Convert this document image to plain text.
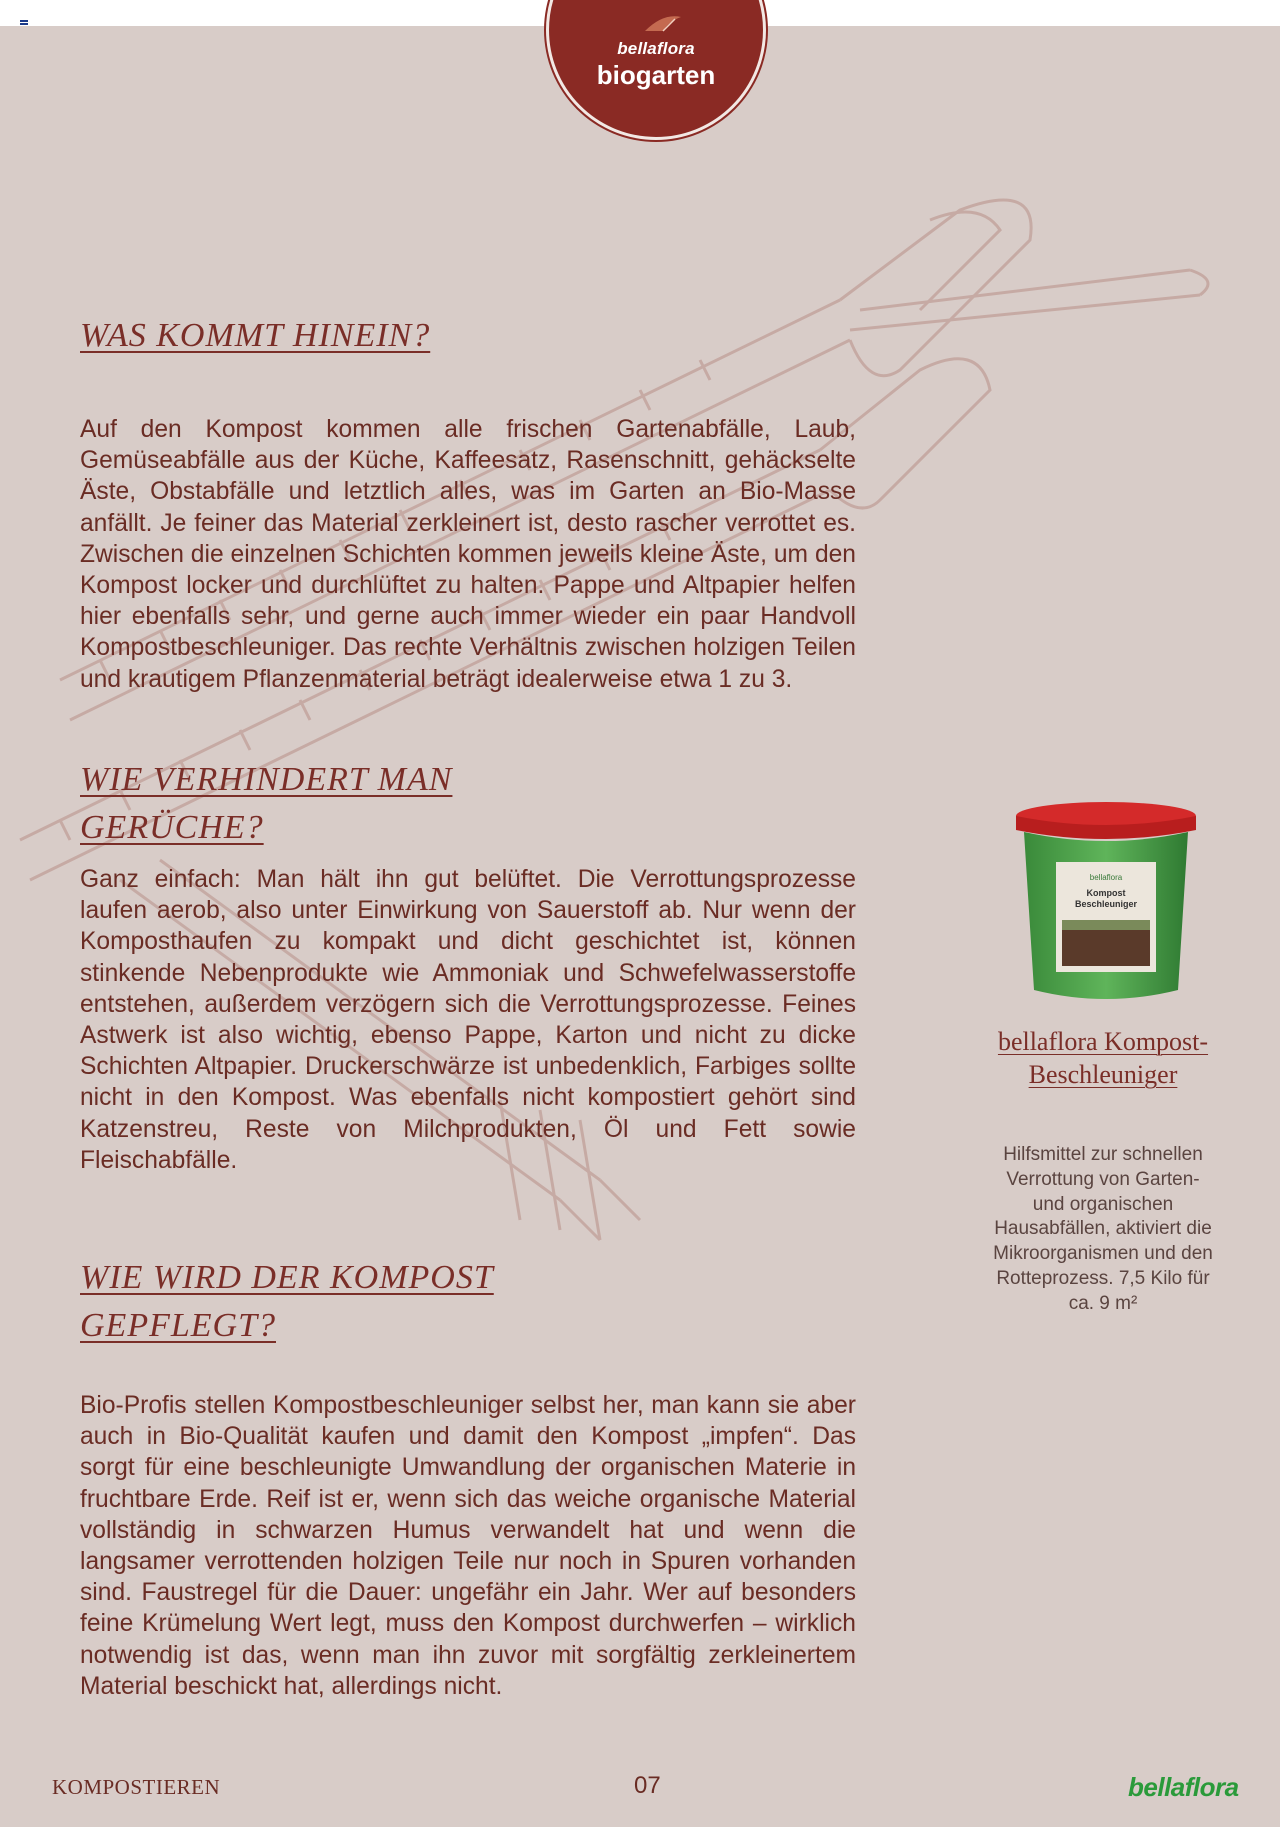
bellaflora
biogarten
WAS KOMMT HINEIN?

Auf den Kompost kommen alle frischen Gartenabfälle, Laub, Gemüseabfälle aus der Küche, Kaffeesatz, Rasenschnitt, gehäckselte Äste, Obstabfälle und letztlich alles, was im Garten an Bio-Masse anfällt. Je feiner das Material zerkleinert ist, desto rascher verrottet es. Zwischen die einzelnen Schichten kommen jeweils kleine Äste, um den Kompost locker und durchlüftet zu halten. Pappe und Altpapier helfen hier ebenfalls sehr, und gerne auch immer wieder ein paar Handvoll Kompostbeschleuniger. Das rechte Verhältnis zwischen holzigen Teilen und krautigem Pflanzenmaterial beträgt idealerweise etwa 1 zu 3.

WIE VERHINDERT MAN GERÜCHE?

Ganz einfach: Man hält ihn gut belüftet. Die Verrottungsprozesse laufen aerob, also unter Einwirkung von Sauerstoff ab. Nur wenn der Komposthaufen zu kompakt und dicht geschichtet ist, können stinkende Nebenprodukte wie Ammoniak und Schwefelwasserstoffe entstehen, außerdem verzögern sich die Verrottungsprozesse. Feines Astwerk ist also wichtig, ebenso Pappe, Karton und nicht zu dicke Schichten Altpapier. Druckerschwärze ist unbedenklich, Farbiges sollte nicht in den Kompost. Was ebenfalls nicht kompostiert gehört sind Katzenstreu, Reste von Milchprodukten, Öl und Fett sowie Fleischabfälle.

WIE WIRD DER KOMPOST GEPFLEGT?

Bio-Profis stellen Kompostbeschleuniger selbst her, man kann sie aber auch in Bio-Qualität kaufen und damit den Kompost „impfen“. Das sorgt für eine beschleunigte Umwandlung der organischen Materie in fruchtbare Erde. Reif ist er, wenn sich das weiche organische Material vollständig in schwarzen Humus verwandelt hat und wenn die langsamer verrottenden holzigen Teile nur noch in Spuren vorhanden sind. Faustregel für die Dauer: ungefähr ein Jahr. Wer auf besonders feine Krümelung Wert legt, muss den Kompost durchwerfen – wirklich notwendig ist das, wenn man ihn zuvor mit sorgfältig zerkleinertem Material beschickt hat, allerdings nicht.

bellaflora
Kompost
Beschleuniger
bellaflora Kompost-Beschleuniger
Hilfsmittel zur schnellen Verrottung von Garten- und organischen Hausabfällen, aktiviert die Mikroorganismen und den Rotteprozess. 7,5 Kilo für ca. 9 m²
KOMPOSTIEREN	07	bellaflora
